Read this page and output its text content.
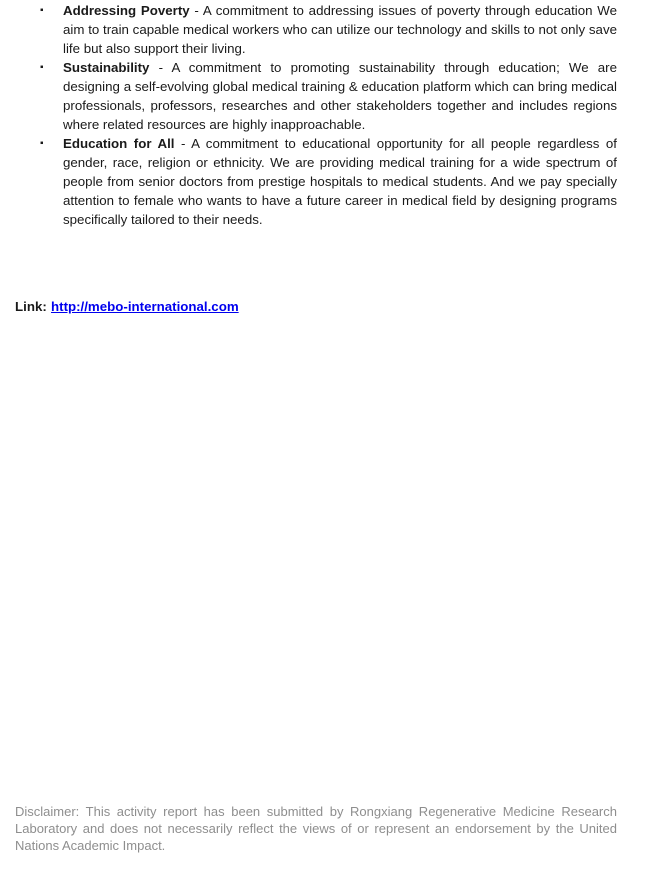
▪ Addressing Poverty - A commitment to addressing issues of poverty through education We aim to train capable medical workers who can utilize our technology and skills to not only save life but also support their living.

▪ Sustainability - A commitment to promoting sustainability through education; We are designing a self-evolving global medical training & education platform which can bring medical professionals, professors, researches and other stakeholders together and includes regions where related resources are highly inapproachable.

▪ Education for All - A commitment to educational opportunity for all people regardless of gender, race, religion or ethnicity. We are providing medical training for a wide spectrum of people from senior doctors from prestige hospitals to medical students. And we pay specially attention to female who wants to have a future career in medical field by designing programs specifically tailored to their needs.

Link: http://mebo-international.com

Disclaimer: This activity report has been submitted by Rongxiang Regenerative Medicine Research Laboratory and does not necessarily reflect the views of or represent an endorsement by the United Nations Academic Impact.
